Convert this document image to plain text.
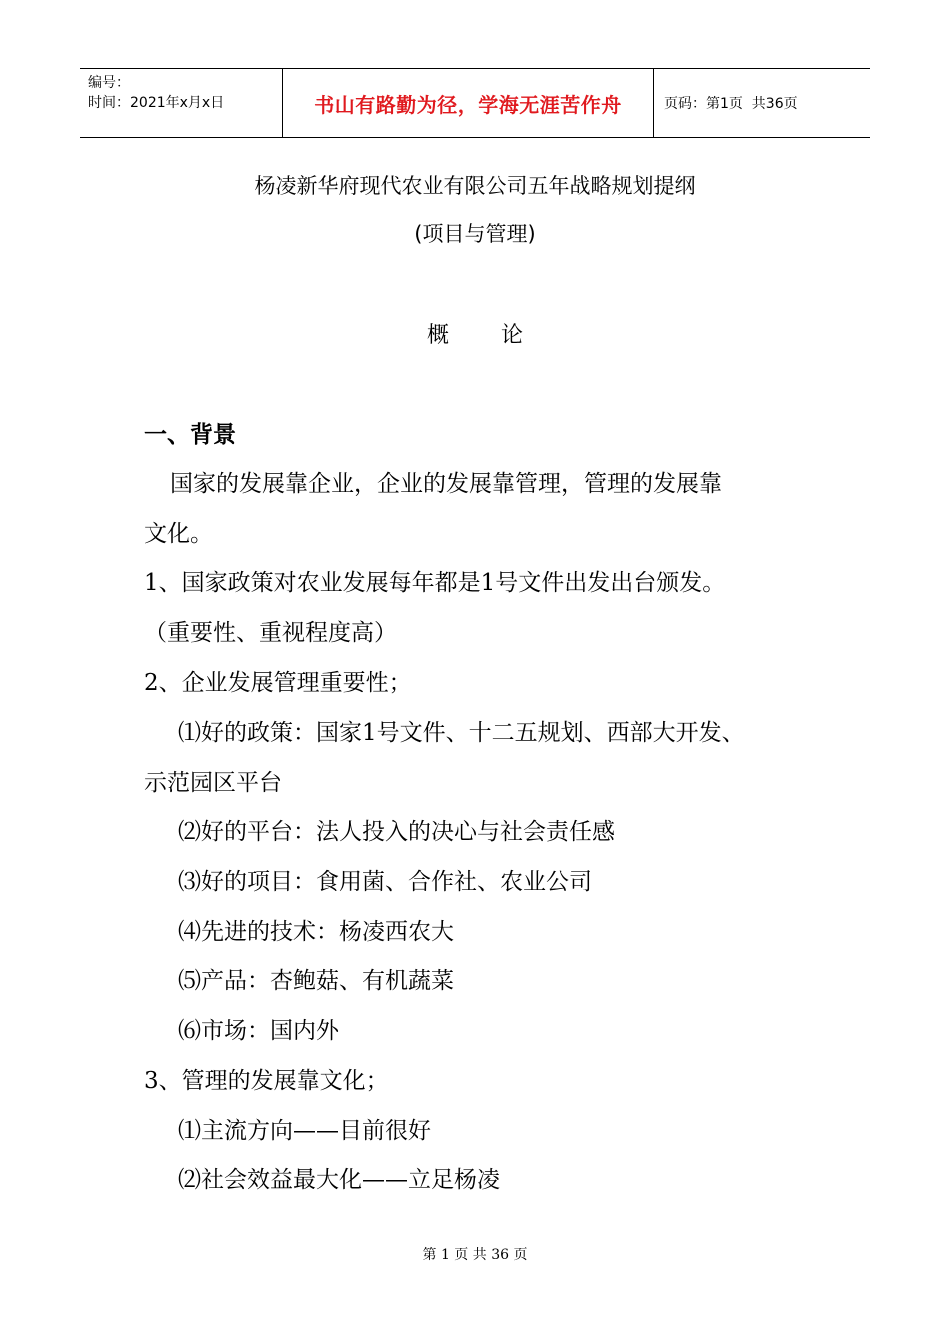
编号：
时间：2021年x月x日	书山有路勤为径，学海无涯苦作舟	页码：第1页  共36页
杨凌新华府现代农业有限公司五年战略规划提纲
(项目与管理)
概 论
一、背景
国家的发展靠企业，企业的发展靠管理，管理的发展靠
文化。
1、国家政策对农业发展每年都是1号文件出发出台颁发。
（重要性、重视程度高）
2、企业发展管理重要性；
⑴好的政策：国家1号文件、十二五规划、西部大开发、
示范园区平台
⑵好的平台：法人投入的决心与社会责任感
⑶好的项目：食用菌、合作社、农业公司
⑷先进的技术：杨凌西农大
⑸产品：杏鲍菇、有机蔬菜
⑹市场：国内外
3、管理的发展靠文化；
⑴主流方向——目前很好
⑵社会效益最大化——立足杨凌
第 1 页 共 36 页
